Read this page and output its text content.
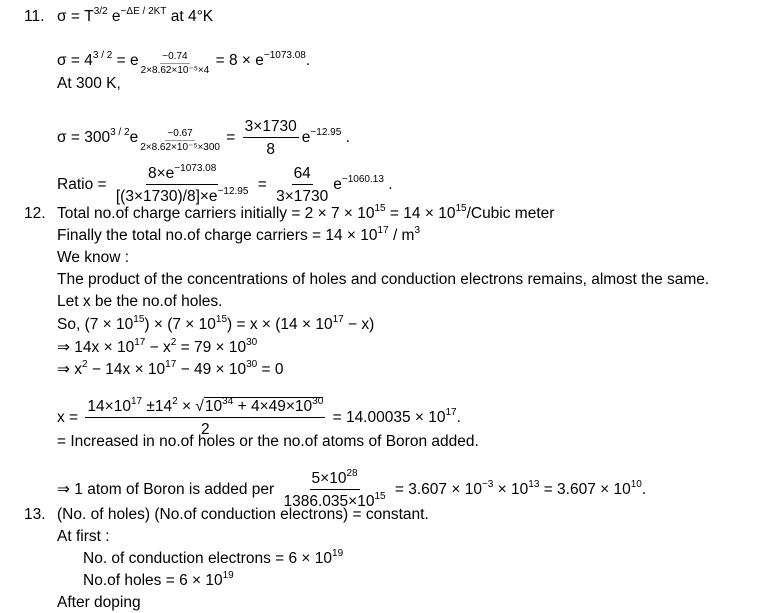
11. $\sigma = T^{3/2}$ $e^{-\Delta E / 2KT}$ at 4°K
$\sigma = 4^{3 / 2} = e \frac{-0.74}{\text{2×8.62×10⁻⁵×4}} = 8 \times e^{-1073.08}$.
At 300 K,
$\sigma = 300^{3 / 2}e \frac{-0.67}{\text{2×8.62×10⁻⁵×300}} = \frac{3\times 1730}{8} e^{-12.95}$ .
Ratio = $\frac{8\times e^{-1073.08}}{[(3\times 1730)/8]\times e^{-12.95}} = \frac{64}{3\times 1730} e^{-1060.13}$ .
12. Total no.of charge carriers initially = $2 \times 7 \times 10^{15} = 14$ × $10^{15}$/Cubic meter
Finally the total no.of charge carriers = $14 \times 10^{17} / m^3$
We know :
The product of the concentrations of holes and conduction electrons remains, almost the same.
Let x be the no.of holes.
So, $(7 \times 10^{15}) \times (7 \times 10^{15}) = x \times (14 \times 10^{17} - x)$
⇒ $14x \times 10^{17} - x^2 = 79 \times 10^{30}$
⇒ $x^2 - 14x \times 10^{17} - 49 \times 10^{30} = 0$
$x = \frac{14\times 10^{17} \pm 14^2 \times √10^{34} + 4\times 49\times 10^{30}}{2} = 14.00035 \times 10^{17}$.
= Increased in no.of holes or the no.of atoms of Boron added.
⇒ 1 atom of Boron is added per $\frac{5\times 10^{28}}{1386.035\times 10^{15}} = 3.607 \times 10^{-3} \times 10^{13} = 3.607 \times 10^{10}$.
13. (No. of holes) (No.of conduction electrons) = constant.
At first :
No. of conduction electrons = $6 \times 10^{19}$
No.of holes = $6 \times 10^{19}$
After doping
